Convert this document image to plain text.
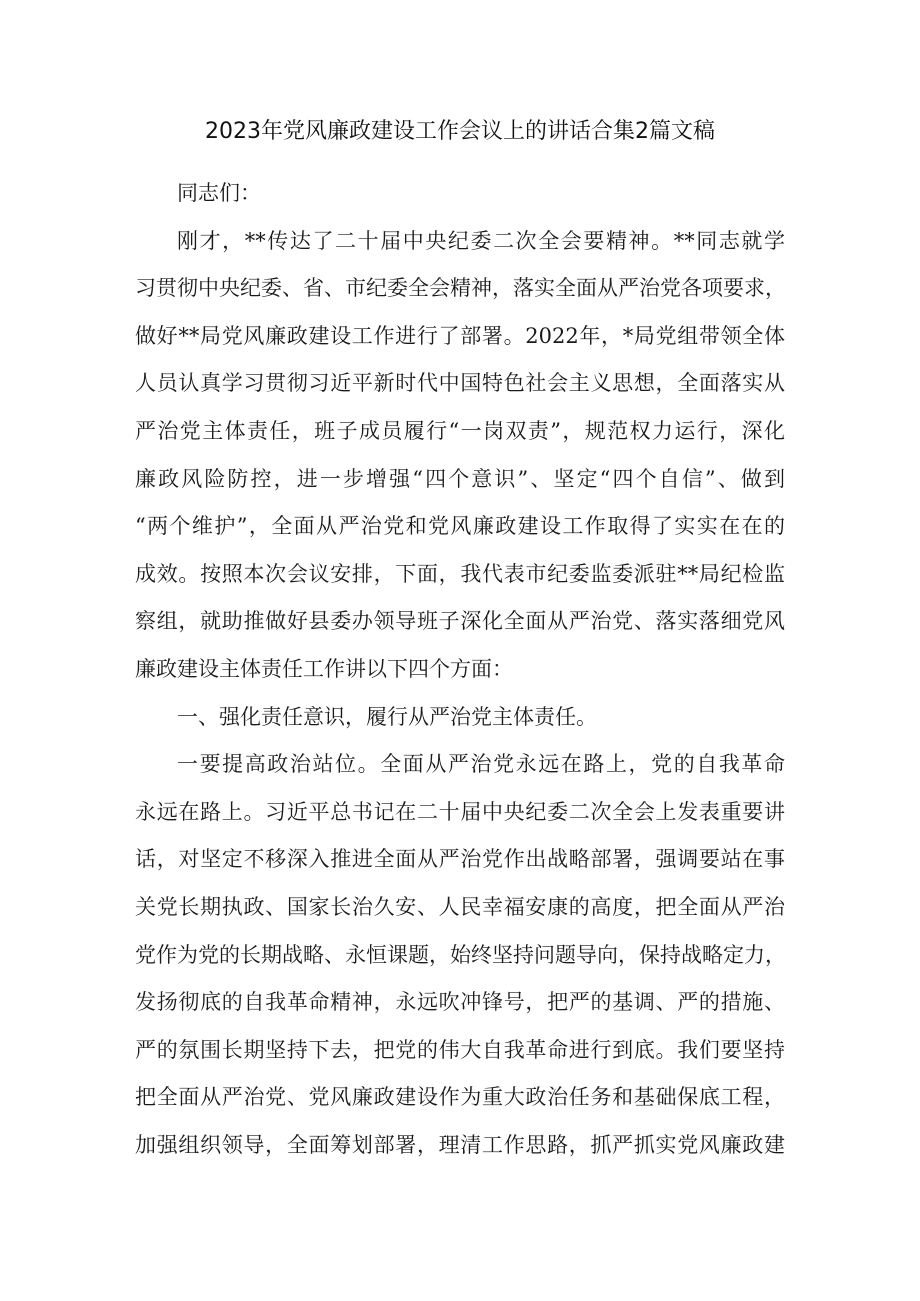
2023年党风廉政建设工作会议上的讲话合集2篇文稿
同志们：
刚才，**传达了二十届中央纪委二次全会要精神。**同志就学
习贯彻中央纪委、省、市纪委全会精神，落实全面从严治党各项要求，
做好**局党风廉政建设工作进行了部署。2022年，*局党组带领全体
人员认真学习贯彻习近平新时代中国特色社会主义思想，全面落实从
严治党主体责任，班子成员履行“一岗双责”，规范权力运行，深化
廉政风险防控，进一步增强“四个意识”、坚定“四个自信”、做到
“两个维护”，全面从严治党和党风廉政建设工作取得了实实在在的
成效。按照本次会议安排，下面，我代表市纪委监委派驻**局纪检监
察组，就助推做好县委办领导班子深化全面从严治党、落实落细党风
廉政建设主体责任工作讲以下四个方面：
一、强化责任意识，履行从严治党主体责任。
一要提高政治站位。全面从严治党永远在路上，党的自我革命
永远在路上。习近平总书记在二十届中央纪委二次全会上发表重要讲
话，对坚定不移深入推进全面从严治党作出战略部署，强调要站在事
关党长期执政、国家长治久安、人民幸福安康的高度，把全面从严治
党作为党的长期战略、永恒课题，始终坚持问题导向，保持战略定力，
发扬彻底的自我革命精神，永远吹冲锋号，把严的基调、严的措施、
严的氛围长期坚持下去，把党的伟大自我革命进行到底。我们要坚持
把全面从严治党、党风廉政建设作为重大政治任务和基础保底工程，
加强组织领导，全面筹划部署，理清工作思路，抓严抓实党风廉政建
